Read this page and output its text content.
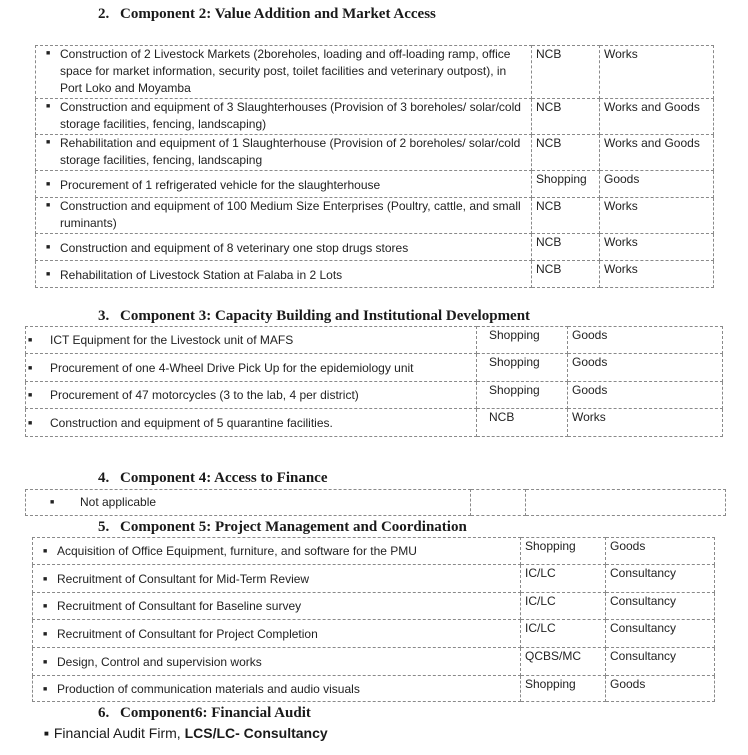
2. Component 2: Value Addition and Market Access
■ Construction of 2 Livestock Markets (2boreholes, loading and off-loading ramp, office space for market information, security post, toilet facilities and veterinary outpost), in Port Loko and Moyamba	NCB	Works

■ Construction and equipment of 3 Slaughterhouses (Provision of 3 boreholes/ solar/cold storage facilities, fencing, landscaping)	NCB	Works and Goods

■ Rehabilitation and equipment of 1 Slaughterhouse (Provision of 2 boreholes/ solar/cold storage facilities, fencing, landscaping	NCB	Works and Goods

■ Procurement of 1 refrigerated vehicle for the slaughterhouse	Shopping	Goods

■ Construction and equipment of 100 Medium Size Enterprises (Poultry, cattle, and small ruminants)	NCB	Works

■ Construction and equipment of 8 veterinary one stop drugs stores	NCB	Works

■ Rehabilitation of Livestock Station at Falaba in 2 Lots	NCB	Works
3. Component 3: Capacity Building and Institutional Development
■ ICT Equipment for the Livestock unit of MAFS	Shopping	Goods

■ Procurement of one 4-Wheel Drive Pick Up for the epidemiology unit	Shopping	Goods

■ Procurement of 47 motorcycles (3 to the lab, 4 per district)	Shopping	Goods

■ Construction and equipment of 5 quarantine facilities.	NCB	Works
4. Component 4: Access to Finance
■ Not applicable

5. Component 5: Project Management and Coordination
■ Acquisition of Office Equipment, furniture, and software for the PMU	Shopping	Goods

■ Recruitment of Consultant for Mid-Term Review	IC/LC	Consultancy

■ Recruitment of Consultant for Baseline survey	IC/LC	Consultancy

■ Recruitment of Consultant for Project Completion	IC/LC	Consultancy

■ Design, Control and supervision works	QCBS/MC	Consultancy

■ Production of communication materials and audio visuals	Shopping	Goods
6. Component6: Financial Audit
■ Financial Audit Firm, LCS/LC- Consultancy
